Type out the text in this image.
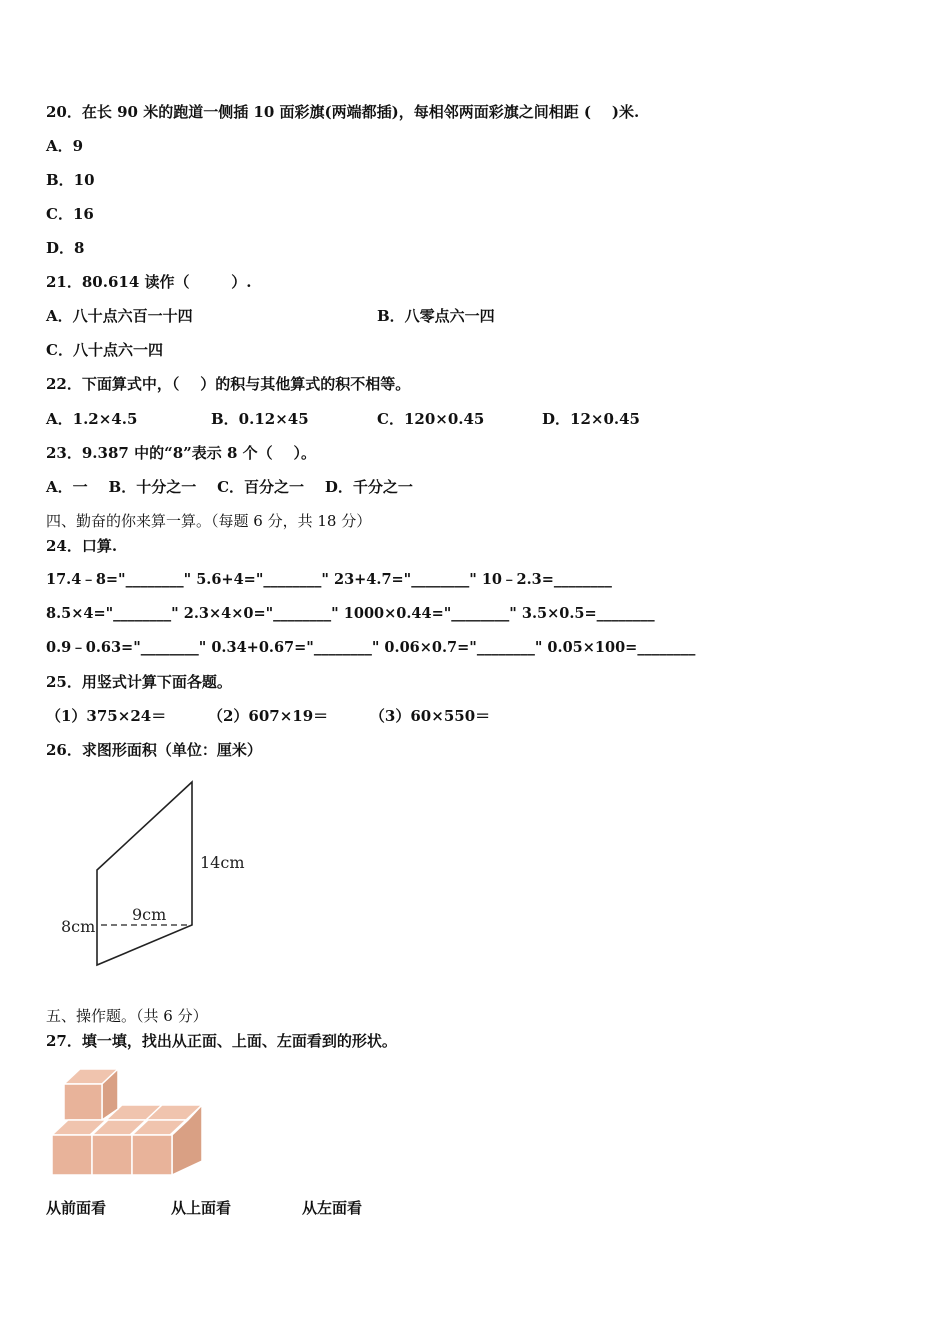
20．在长 90 米的跑道一侧插 10 面彩旗(两端都插)，每相邻两面彩旗之间相距 (    )米.
A．9
B．10
C．16
D．8
21．80.614 读作（        ）.
A．八十点六百一十四	B．八零点六一四
C．八十点六一四
22．下面算式中，（    ）的积与其他算式的积不相等。
A．1.2×4.5	B．0.12×45	C．120×0.45	D．12×0.45
23．9.387 中的“8”表示 8 个（    ）。
A．一    B．十分之一    C．百分之一    D．千分之一
四、勤奋的你来算一算。（每题 6 分，共 18 分）
24．口算.
17.4﹣8="________" 5.6+4="________" 23+4.7="________" 10﹣2.3=________
8.5×4="________" 2.3×4×0="________" 1000×0.44="________" 3.5×0.5=________
0.9﹣0.63="________" 0.34+0.67="________" 0.06×0.7="________" 0.05×100=________
25．用竖式计算下面各题。
（1）375×24＝        （2）607×19＝        （3）60×550＝
26．求图形面积（单位：厘米）
14cm
9cm
8cm
五、操作题。（共 6 分）
27．填一填，找出从正面、上面、左面看到的形状。
从前面看	从上面看	从左面看
